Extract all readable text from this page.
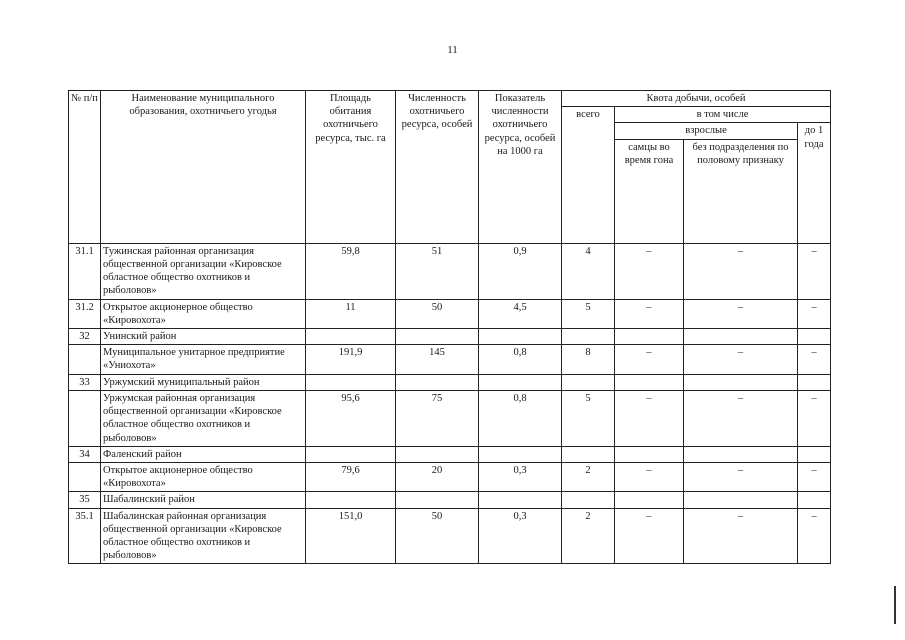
11
№ п/п	Наименование муниципального образования, охотничьего угодья	Площадь обитания охотничьего ресурса, тыс. га	Численность охотничьего ресурса, особей	Показатель численности охотничьего ресурса, особей на 1000 га	Квота добычи, особей			
					всего	в том числе		
						взрослые		до 1 года
						самцы во время гона	без подразделения по половому признаку	
31.1	Тужинская районная организация общественной организации «Кировское областное общество охотников и рыболовов»	59,8	51	0,9	4	–	–	–
31.2	Открытое акционерное общество «Кировохота»	11	50	4,5	5	–	–	–
32	Унинский район							
	Муниципальное унитарное предприятие «Униохота»	191,9	145	0,8	8	–	–	–
33	Уржумский муниципальный район							
	Уржумская районная организация общественной организации «Кировское областное общество охотников и рыболовов»	95,6	75	0,8	5	–	–	–
34	Фаленский район							
	Открытое акционерное общество «Кировохота»	79,6	20	0,3	2	–	–	–
35	Шабалинский район							
35.1	Шабалинская районная организация общественной организации «Кировское областное общество охотников и рыболовов»	151,0	50	0,3	2	–	–	–
